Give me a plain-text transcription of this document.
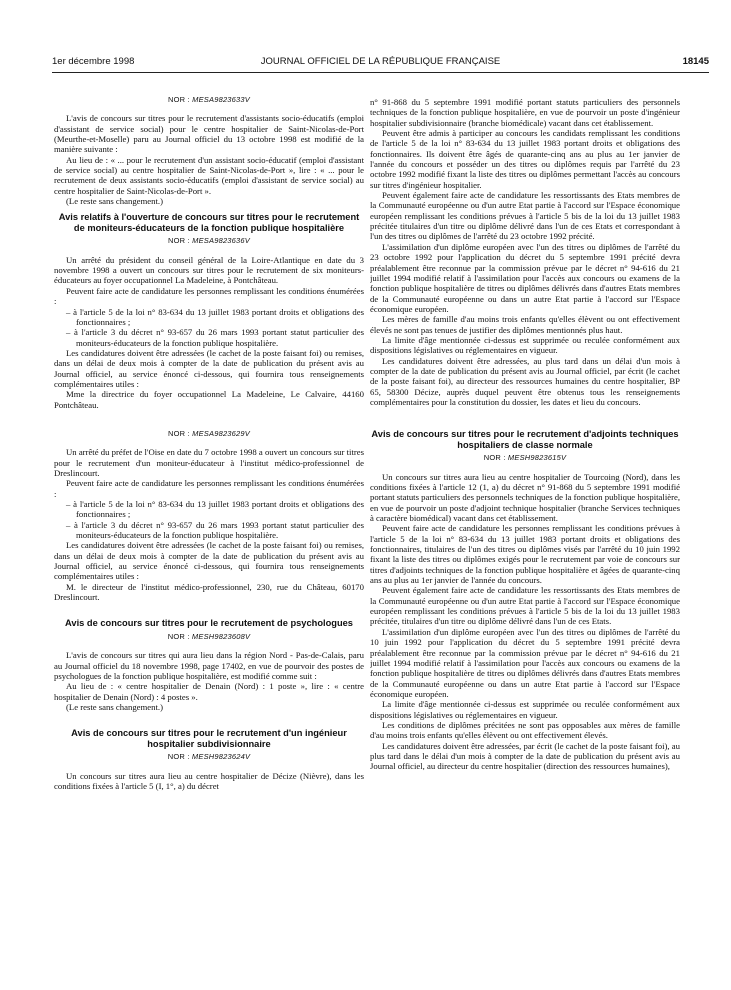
1er décembre 1998	JOURNAL OFFICIEL DE LA RÉPUBLIQUE FRANÇAISE	18145
NOR : MESA9823633V

L'avis de concours sur titres pour le recrutement d'assistants socio-éducatifs (emploi d'assistant de service social) pour le centre hospitalier de Saint-Nicolas-de-Port (Meurthe-et-Moselle) paru au Journal officiel du 13 octobre 1998 est modifié de la manière suivante :

Au lieu de : « ... pour le recrutement d'un assistant socio-éducatif (emploi d'assistant de service social) au centre hospitalier de Saint-Nicolas-de-Port », lire : « ... pour le recrutement de deux assistants socio-éducatifs (emploi d'assistant de service social) au centre hospitalier de Saint-Nicolas-de-Port ».

(Le reste sans changement.)

Avis relatifs à l'ouverture de concours sur titres pour le recrutement de moniteurs-éducateurs de la fonction publique hospitalière
NOR : MESA9823636V

Un arrêté du président du conseil général de la Loire-Atlantique en date du 3 novembre 1998 a ouvert un concours sur titres pour le recrutement de six moniteurs-éducateurs au foyer occupationnel La Madeleine, à Pontchâteau.

Peuvent faire acte de candidature les personnes remplissant les conditions énumérées :

– à l'article 5 de la loi n° 83-634 du 13 juillet 1983 portant droits et obligations des fonctionnaires ;

– à l'article 3 du décret n° 93-657 du 26 mars 1993 portant statut particulier des moniteurs-éducateurs de la fonction publique hospitalière.

Les candidatures doivent être adressées (le cachet de la poste faisant foi) ou remises, dans un délai de deux mois à compter de la date de publication du présent avis au Journal officiel, au service énoncé ci-dessous, qui fournira tous renseignements complémentaires utiles :

Mme la directrice du foyer occupationnel La Madeleine, Le Calvaire, 44160 Pontchâteau.

NOR : MESA9823629V

Un arrêté du préfet de l'Oise en date du 7 octobre 1998 a ouvert un concours sur titres pour le recrutement d'un moniteur-éducateur à l'institut médico-professionnel de Dreslincourt.

Peuvent faire acte de candidature les personnes remplissant les conditions énumérées :

– à l'article 5 de la loi n° 83-634 du 13 juillet 1983 portant droits et obligations des fonctionnaires ;

– à l'article 3 du décret n° 93-657 du 26 mars 1993 portant statut particulier des moniteurs-éducateurs de la fonction publique hospitalière.

Les candidatures doivent être adressées (le cachet de la poste faisant foi) ou remises, dans un délai de deux mois à compter de la date de publication du présent avis au Journal officiel, au service énoncé ci-dessous, qui fournira tous renseignements complémentaires utiles :

M. le directeur de l'institut médico-professionnel, 230, rue du Château, 60170 Dreslincourt.

Avis de concours sur titres pour le recrutement de psychologues
NOR : MESH9823608V

L'avis de concours sur titres qui aura lieu dans la région Nord - Pas-de-Calais, paru au Journal officiel du 18 novembre 1998, page 17402, en vue de pourvoir des postes de psychologues de la fonction publique hospitalière, est modifié comme suit :

Au lieu de : « centre hospitalier de Denain (Nord) : 1 poste », lire : « centre hospitalier de Denain (Nord) : 4 postes ».

(Le reste sans changement.)

Avis de concours sur titres pour le recrutement d'un ingénieur hospitalier subdivisionnaire
NOR : MESH9823624V

Un concours sur titres aura lieu au centre hospitalier de Décize (Nièvre), dans les conditions fixées à l'article 5 (I, 1°, a) du décret

n° 91-868 du 5 septembre 1991 modifié portant statuts particuliers des personnels techniques de la fonction publique hospitalière, en vue de pourvoir un poste d'ingénieur hospitalier subdivisionnaire (branche biomédicale) vacant dans cet établissement.

Peuvent être admis à participer au concours les candidats remplissant les conditions de l'article 5 de la loi n° 83-634 du 13 juillet 1983 portant droits et obligations des fonctionnaires. Ils doivent être âgés de quarante-cinq ans au plus au 1er janvier de l'année du concours et posséder un des titres ou diplômes requis par l'arrêté du 23 octobre 1992 modifié fixant la liste des titres ou diplômes permettant l'accès au concours sur titres d'ingénieur hospitalier.

Peuvent également faire acte de candidature les ressortissants des Etats membres de la Communauté européenne ou d'un autre Etat partie à l'accord sur l'Espace économique européen remplissant les conditions prévues à l'article 5 bis de la loi du 13 juillet 1983 précitée titulaires d'un titre ou diplôme délivré dans l'un de ces Etats et correspondant à l'un des titres ou diplômes de l'arrêté du 23 octobre 1992 précité.

L'assimilation d'un diplôme européen avec l'un des titres ou diplômes de l'arrêté du 23 octobre 1992 pour l'application du décret du 5 septembre 1991 précité devra préalablement être reconnue par la commission prévue par le décret n° 94-616 du 21 juillet 1994 modifié relatif à l'assimilation pour l'accès aux concours ou examens de la fonction publique hospitalière de titres ou diplômes délivrés dans d'autres Etats membres de la Communauté européenne ou dans un autre Etat partie à l'accord sur l'Espace économique européen.

Les mères de famille d'au moins trois enfants qu'elles élèvent ou ont effectivement élevés ne sont pas tenues de justifier des diplômes mentionnés plus haut.

La limite d'âge mentionnée ci-dessus est supprimée ou reculée conformément aux dispositions législatives ou réglementaires en vigueur.

Les candidatures doivent être adressées, au plus tard dans un délai d'un mois à compter de la date de publication du présent avis au Journal officiel, par écrit (le cachet de la poste faisant foi), au directeur des ressources humaines du centre hospitalier, BP 65, 58300 Décize, auprès duquel peuvent être obtenus tous les renseignements complémentaires pour la constitution du dossier, les dates et lieu du concours.

Avis de concours sur titres pour le recrutement d'adjoints techniques hospitaliers de classe normale
NOR : MESH9823615V

Un concours sur titres aura lieu au centre hospitalier de Tourcoing (Nord), dans les conditions fixées à l'article 12 (1, a) du décret n° 91-868 du 5 septembre 1991 modifié portant statuts particuliers des personnels techniques de la fonction publique hospitalière, en vue de pourvoir un poste d'adjoint technique hospitalier (branche Services techniques à caractère biomédical) vacant dans cet établissement.

Peuvent faire acte de candidature les personnes remplissant les conditions prévues à l'article 5 de la loi n° 83-634 du 13 juillet 1983 portant droits et obligations des fonctionnaires, titulaires de l'un des titres ou diplômes visés par l'arrêté du 10 juin 1992 fixant la liste des titres ou diplômes exigés pour le recrutement par voie de concours sur titres d'adjoints techniques de la fonction publique hospitalière et âgées de quarante-cinq ans au plus au 1er janvier de l'année du concours.

Peuvent également faire acte de candidature les ressortissants des Etats membres de la Communauté européenne ou d'un autre Etat partie à l'accord sur l'Espace économique européen remplissant les conditions prévues à l'article 5 bis de la loi du 13 juillet 1983 précitée, titulaires d'un titre ou diplôme délivré dans l'un de ces Etats.

L'assimilation d'un diplôme européen avec l'un des titres ou diplômes de l'arrêté du 10 juin 1992 pour l'application du décret du 5 septembre 1991 précité devra préalablement être reconnue par la commission prévue par le décret n° 94-616 du 21 juillet 1994 modifié relatif à l'assimilation pour l'accès aux concours ou examens de la fonction publique hospitalière de titres ou diplômes délivrés dans d'autres Etats membres de la Communauté européenne ou dans un autre Etat partie à l'accord sur l'Espace économique européen.

La limite d'âge mentionnée ci-dessus est supprimée ou reculée conformément aux dispositions législatives ou réglementaires en vigueur.

Les conditions de diplômes précitées ne sont pas opposables aux mères de famille d'au moins trois enfants qu'elles élèvent ou ont effectivement élevés.

Les candidatures doivent être adressées, par écrit (le cachet de la poste faisant foi), au plus tard dans le délai d'un mois à compter de la date de publication du présent avis au Journal officiel, au directeur du centre hospitalier (direction des ressources humaines),
